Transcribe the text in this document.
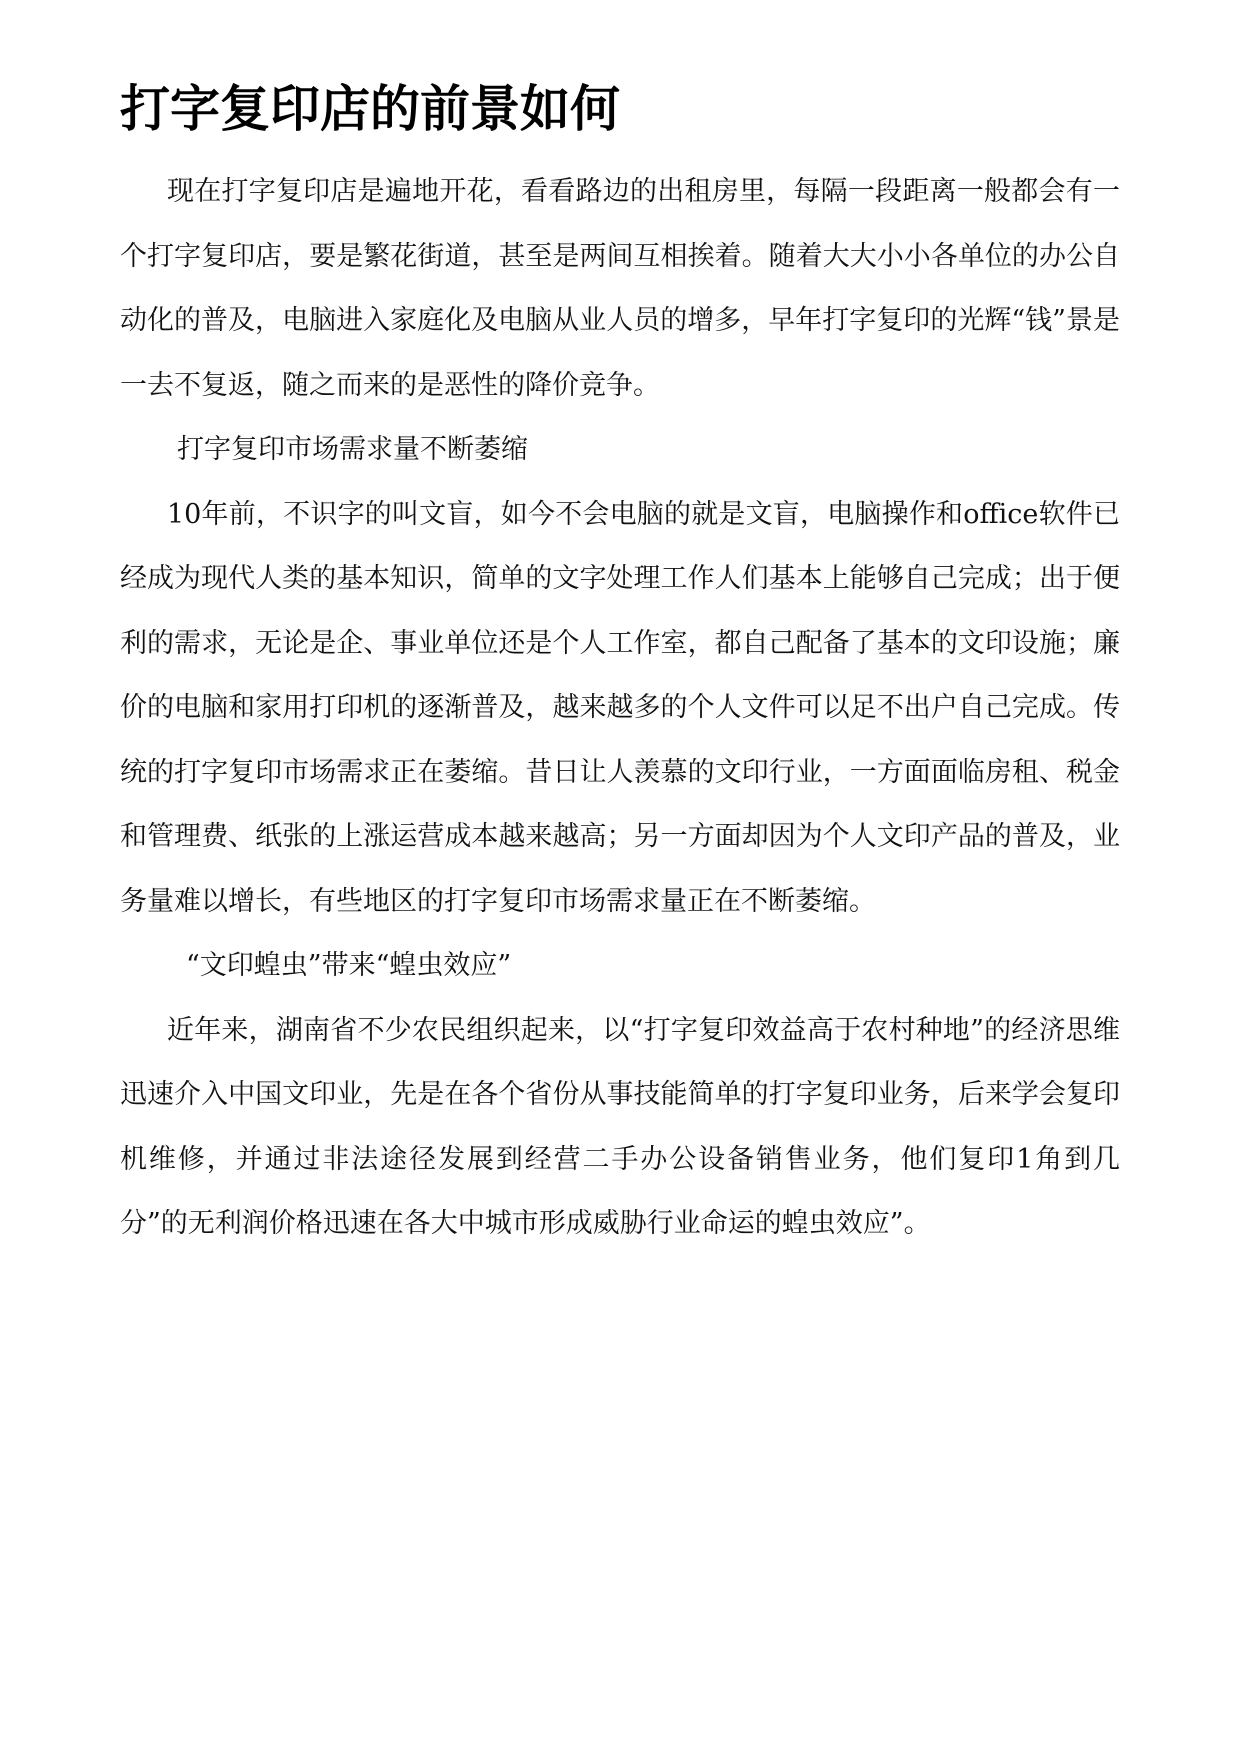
打字复印店的前景如何

现在打字复印店是遍地开花，看看路边的出租房里，每隔一段距离一般都会有一个打字复印店，要是繁花街道，甚至是两间互相挨着。随着大大小小各单位的办公自动化的普及，电脑进入家庭化及电脑从业人员的增多，早年打字复印的光辉“钱”景是一去不复返，随之而来的是恶性的降价竞争。

打字复印市场需求量不断萎缩

10年前，不识字的叫文盲，如今不会电脑的就是文盲，电脑操作和office软件已经成为现代人类的基本知识，简单的文字处理工作人们基本上能够自己完成；出于便利的需求，无论是企、事业单位还是个人工作室，都自己配备了基本的文印设施；廉价的电脑和家用打印机的逐渐普及，越来越多的个人文件可以足不出户自己完成。传统的打字复印市场需求正在萎缩。昔日让人羡慕的文印行业，一方面面临房租、税金和管理费、纸张的上涨运营成本越来越高；另一方面却因为个人文印产品的普及，业务量难以增长，有些地区的打字复印市场需求量正在不断萎缩。

“文印蝗虫”带来“蝗虫效应”

近年来，湖南省不少农民组织起来，以“打字复印效益高于农村种地”的经济思维迅速介入中国文印业，先是在各个省份从事技能简单的打字复印业务，后来学会复印机维修，并通过非法途径发展到经营二手办公设备销售业务，他们复印1角到几分”的无利润价格迅速在各大中城市形成威胁行业命运的蝗虫效应”。
